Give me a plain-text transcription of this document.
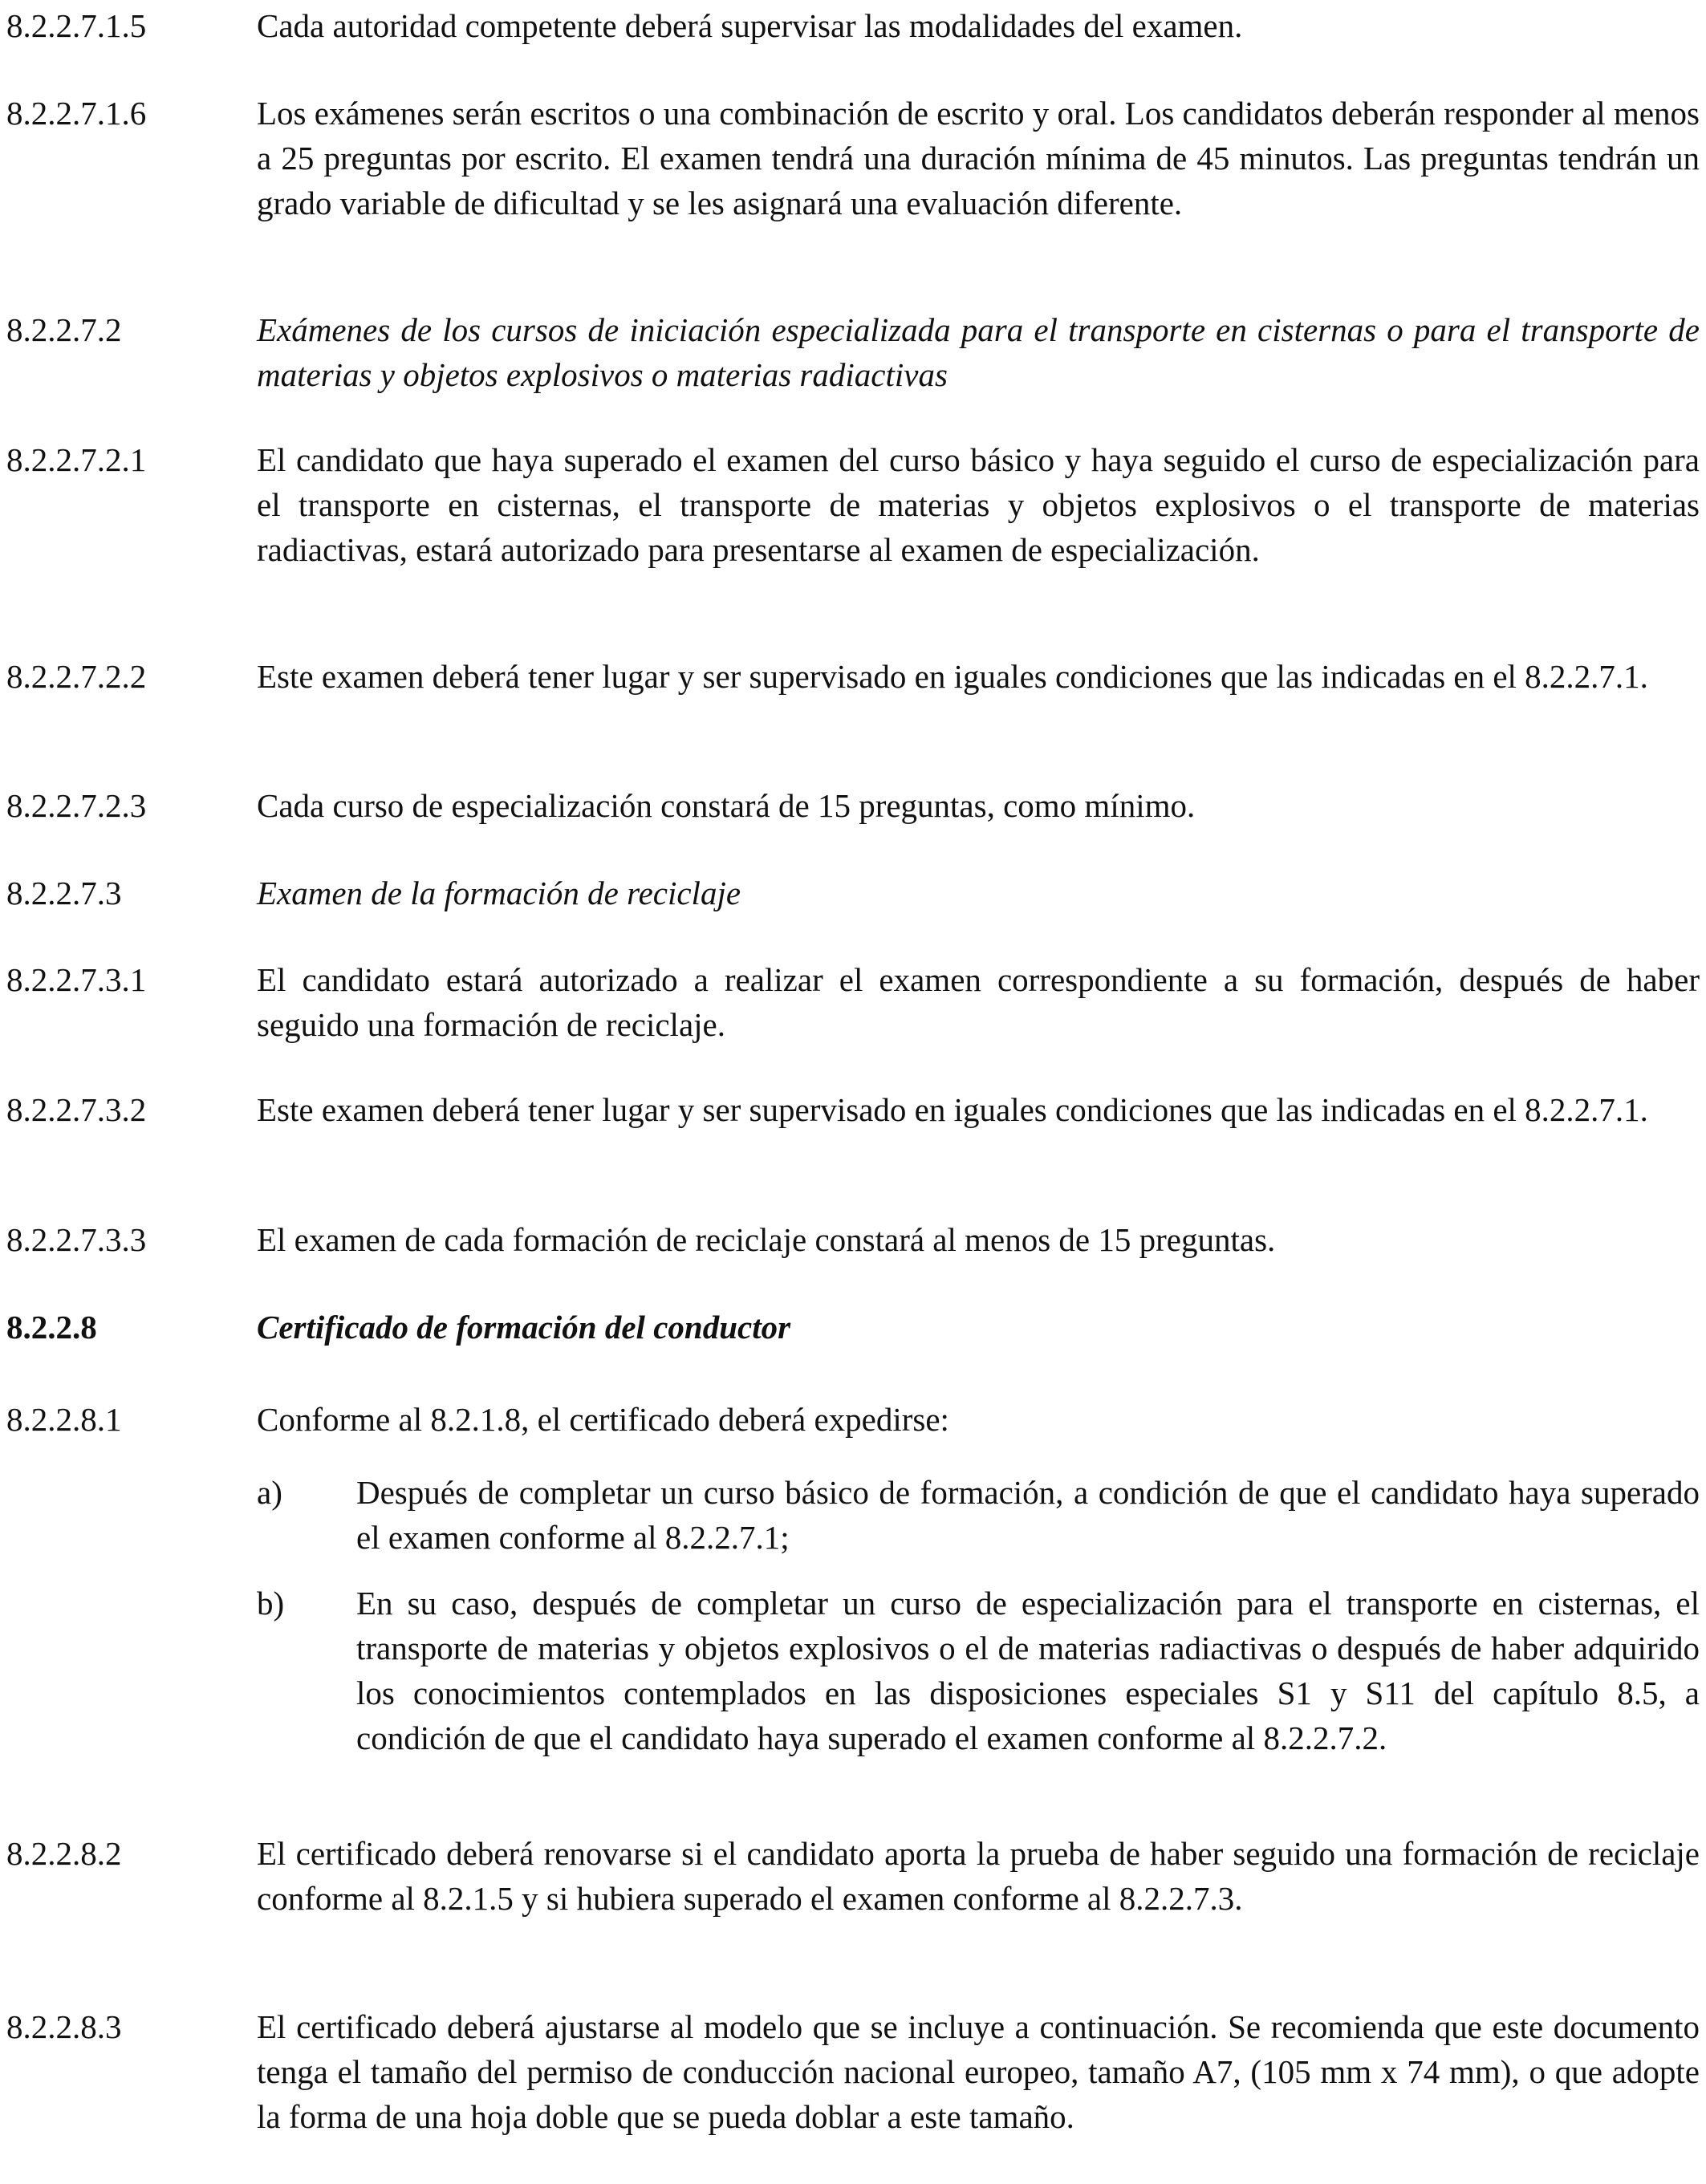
8.2.2.7.1.5	Cada autoridad competente deberá supervisar las modalidades del examen.
8.2.2.7.1.6	Los exámenes serán escritos o una combinación de escrito y oral. Los candidatos deberán responder al menos a 25 preguntas por escrito. El examen tendrá una duración mínima de 45 minutos. Las preguntas tendrán un grado variable de dificultad y se les asignará una evaluación diferente.
8.2.2.7.2	Exámenes de los cursos de iniciación especializada para el transporte en cisternas o para el transporte de materias y objetos explosivos o materias radiactivas
8.2.2.7.2.1	El candidato que haya superado el examen del curso básico y haya seguido el curso de especialización para el transporte en cisternas, el transporte de materias y objetos explosivos o el transporte de materias radiactivas, estará autorizado para presentarse al examen de especialización.
8.2.2.7.2.2	Este examen deberá tener lugar y ser supervisado en iguales condiciones que las indicadas en el 8.2.2.7.1.
8.2.2.7.2.3	Cada curso de especialización constará de 15 preguntas, como mínimo.
8.2.2.7.3	Examen de la formación de reciclaje
8.2.2.7.3.1	El candidato estará autorizado a realizar el examen correspondiente a su formación, después de haber seguido una formación de reciclaje.
8.2.2.7.3.2	Este examen deberá tener lugar y ser supervisado en iguales condiciones que las indicadas en el 8.2.2.7.1.
8.2.2.7.3.3	El examen de cada formación de reciclaje constará al menos de 15 preguntas.
8.2.2.8	Certificado de formación del conductor
8.2.2.8.1	Conforme al 8.2.1.8, el certificado deberá expedirse:
a)	Después de completar un curso básico de formación, a condición de que el candidato haya superado el examen conforme al 8.2.2.7.1;
b)	En su caso, después de completar un curso de especialización para el transporte en cisternas, el transporte de materias y objetos explosivos o el de materias radiactivas o después de haber adquirido los conocimientos contemplados en las disposiciones especiales S1 y S11 del capítulo 8.5, a condición de que el candidato haya superado el examen conforme al 8.2.2.7.2.
8.2.2.8.2	El certificado deberá renovarse si el candidato aporta la prueba de haber seguido una formación de reciclaje conforme al 8.2.1.5 y si hubiera superado el examen conforme al 8.2.2.7.3.
8.2.2.8.3	El certificado deberá ajustarse al modelo que se incluye a continuación. Se recomienda que este documento tenga el tamaño del permiso de conducción nacional europeo, tamaño A7, (105 mm x 74 mm), o que adopte la forma de una hoja doble que se pueda doblar a este tamaño.
